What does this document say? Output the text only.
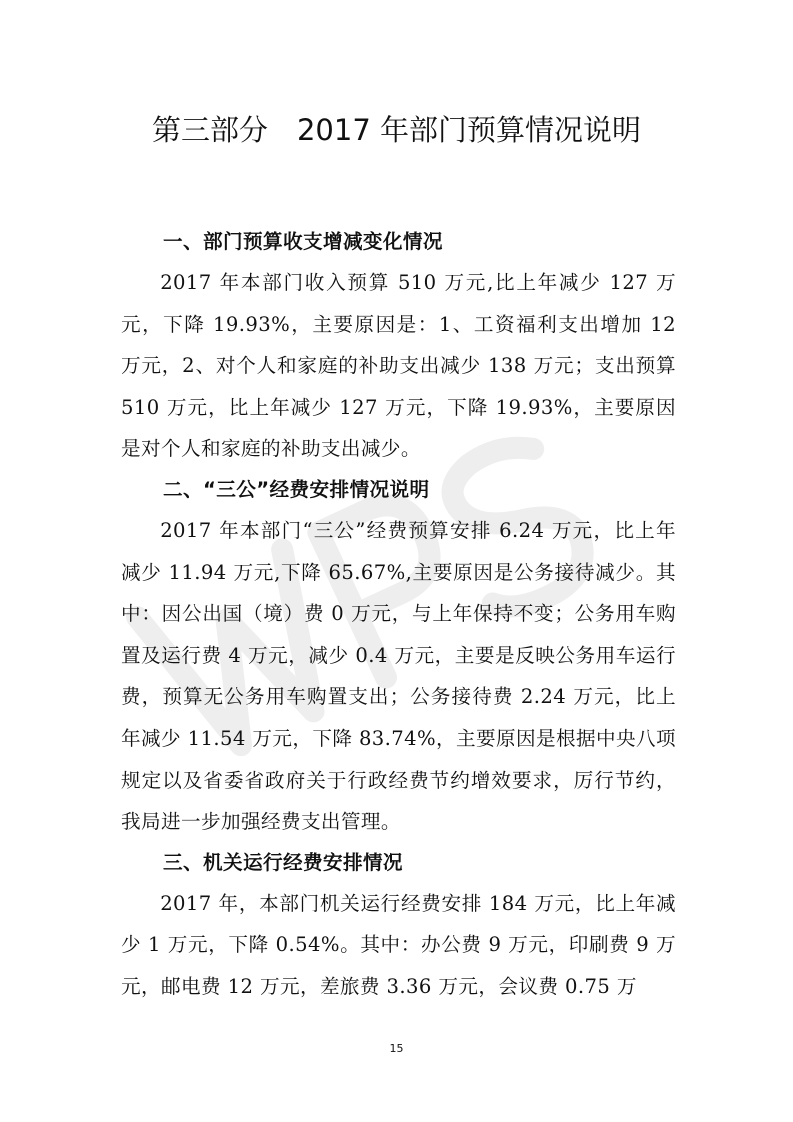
第三部分　2017 年部门预算情况说明
一、部门预算收支增减变化情况

2017 年本部门收入预算 510 万元,比上年减少 127 万元，下降 19.93%，主要原因是：1、工资福利支出增加 12 万元，2、对个人和家庭的补助支出减少 138 万元；支出预算 510 万元，比上年减少 127 万元，下降 19.93%，主要原因是对个人和家庭的补助支出减少。

二、“三公”经费安排情况说明

2017 年本部门“三公”经费预算安排 6.24 万元，比上年减少 11.94 万元,下降 65.67%,主要原因是公务接待减少。其中：因公出国（境）费 0 万元，与上年保持不变；公务用车购置及运行费 4 万元，减少 0.4 万元，主要是反映公务用车运行费，预算无公务用车购置支出；公务接待费 2.24 万元，比上年减少 11.54 万元，下降 83.74%，主要原因是根据中央八项规定以及省委省政府关于行政经费节约增效要求，厉行节约，我局进一步加强经费支出管理。

三、机关运行经费安排情况

2017 年，本部门机关运行经费安排 184 万元，比上年减少 1 万元，下降 0.54%。其中：办公费 9 万元，印刷费 9 万元，邮电费 12 万元，差旅费 3.36 万元，会议费 0.75 万

15
